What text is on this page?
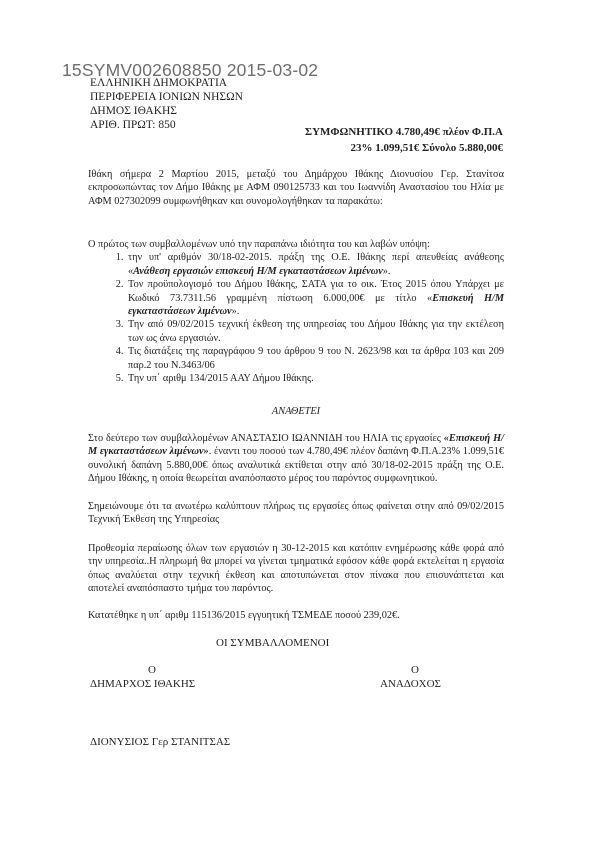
15SYMV002608850 2015-03-02
ΕΛΛΗΝΙΚΗ ΔΗΜΟΚΡΑΤΙΑ
ΠΕΡΙΦΕΡΕΙΑ ΙΟΝΙΩΝ ΝΗΣΩΝ
ΔΗΜΟΣ ΙΘΑΚΗΣ
ΑΡΙΘ. ΠΡΩΤ: 850
ΣΥΜΦΩΝΗΤΙΚΟ 4.780,49€ πλέον Φ.Π.Α
23% 1.099,51€ Σύνολο 5.880,00€
Ιθάκη σήμερα 2 Μαρτίου 2015, μεταξύ του Δημάρχου Ιθάκης Διονυσίου Γερ. Στανίτσα εκπροσωπώντας τον Δήμο Ιθάκης με ΑΦΜ 090125733 και του Ιωαννίδη Αναστασίου του Ηλία με ΑΦΜ 027302099 συμφωνήθηκαν και συνομολογήθηκαν τα παρακάτω:
Ο πρώτος των συμβαλλομένων υπό την παραπάνω ιδιότητα του και λαβών υπόψη:
1. την υπ' αριθμόν 30/18-02-2015. πράξη της Ο.Ε. Ιθάκης περί απευθείας ανάθεσης «Ανάθεση εργασιών επισκευή Η/Μ εγκαταστάσεων λιμένων».
2. Τον προϋπολογισμό του Δήμου Ιθάκης, ΣΑΤΑ για το οικ. Έτος 2015 όπου Υπάρχει με Κωδικό 73.7311.56 γραμμένη πίστωση 6.000,00€ με τίτλο «Επισκευή Η/Μ εγκαταστάσεων λιμένων».
3. Την από 09/02/2015 τεχνική έκθεση της υπηρεσίας του Δήμου Ιθάκης για την εκτέλεση των ως άνω εργασιών.
4. Τις διατάξεις της παραγράφου 9 του άρθρου 9 του Ν. 2623/98 και τα άρθρα 103 και 209 παρ.2 του Ν.3463/06
5. Την υπ΄ αριθμ 134/2015 ΑΑΥ Δήμου Ιθάκης.
ΑΝΑΘΕΤΕΙ
Στο δεύτερο των συμβαλλομένων ΑΝΑΣΤΑΣΙΟ ΙΩΑΝΝΙΔΗ του ΗΛΙΑ τις εργασίες «Επισκευή Η/Μ εγκαταστάσεων λιμένων». έναντι του ποσού των 4.780,49€ πλέον δαπάνη Φ.Π.Α.23% 1.099,51€ συνολική δαπάνη 5.880,00€ όπως αναλυτικά εκτίθεται στην από 30/18-02-2015 πράξη της Ο.Ε. Δήμου Ιθάκης, η οποία θεωρείται αναπόσπαστο μέρος του παρόντος συμφωνητικού.
Σημειώνουμε ότι τα ανωτέρω καλύπτουν πλήρως τις εργασίες όπως φαίνεται στην από 09/02/2015 Τεχνική Έκθεση της Υπηρεσίας
Προθεσμία περαίωσης όλων των εργασιών η 30-12-2015 και κατόπιν ενημέρωσης κάθε φορά από την υπηρεσία..Η πληρωμή θα μπορεί να γίνεται τμηματικά εφόσον κάθε φορά εκτελείται η εργασία όπως αναλύεται στην τεχνική έκθεση και αποτυπώνεται στον πίνακα που επισυνάπτεται και αποτελεί αναπόσπαστο τμήμα του παρόντος.
Κατατέθηκε η υπ΄ αριθμ 115136/2015 εγγυητική ΤΣΜΕΔΕ ποσού 239,02€.
ΟΙ ΣΥΜΒΑΛΛΟΜΕΝΟΙ
Ο
ΔΗΜΑΡΧΟΣ ΙΘΑΚΗΣ
Ο
ΑΝΑΔΟΧΟΣ
ΔΙΟΝΥΣΙΟΣ Γερ ΣΤΑΝΙΤΣΑΣ
